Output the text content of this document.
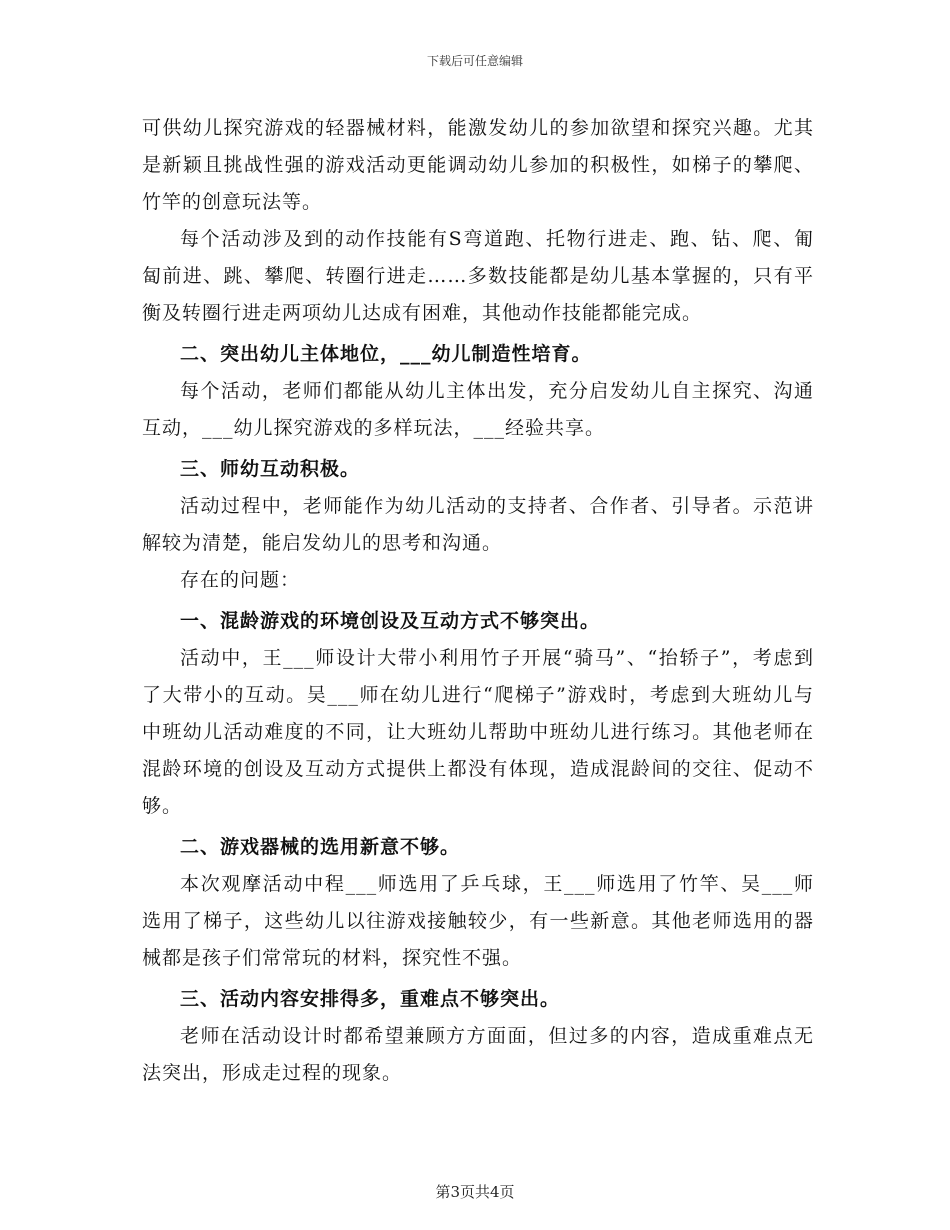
下载后可任意编辑

可供幼儿探究游戏的轻器械材料，能激发幼儿的参加欲望和探究兴趣。尤其是新颖且挑战性强的游戏活动更能调动幼儿参加的积极性，如梯子的攀爬、竹竿的创意玩法等。

每个活动涉及到的动作技能有S弯道跑、托物行进走、跑、钻、爬、匍匐前进、跳、攀爬、转圈行进走……多数技能都是幼儿基本掌握的，只有平衡及转圈行进走两项幼儿达成有困难，其他动作技能都能完成。

二、突出幼儿主体地位，___幼儿制造性培育。

每个活动，老师们都能从幼儿主体出发，充分启发幼儿自主探究、沟通互动，___幼儿探究游戏的多样玩法，___经验共享。

三、师幼互动积极。

活动过程中，老师能作为幼儿活动的支持者、合作者、引导者。示范讲解较为清楚，能启发幼儿的思考和沟通。

存在的问题：

一、混龄游戏的环境创设及互动方式不够突出。

活动中，王___师设计大带小利用竹子开展“骑马”、“抬轿子”，考虑到了大带小的互动。吴___师在幼儿进行“爬梯子”游戏时，考虑到大班幼儿与中班幼儿活动难度的不同，让大班幼儿帮助中班幼儿进行练习。其他老师在混龄环境的创设及互动方式提供上都没有体现，造成混龄间的交往、促动不够。

二、游戏器械的选用新意不够。

本次观摩活动中程___师选用了乒乓球，王___师选用了竹竿、吴___师选用了梯子，这些幼儿以往游戏接触较少，有一些新意。其他老师选用的器械都是孩子们常常玩的材料，探究性不强。

三、活动内容安排得多，重难点不够突出。

老师在活动设计时都希望兼顾方方面面，但过多的内容，造成重难点无法突出，形成走过程的现象。

第3页共4页
